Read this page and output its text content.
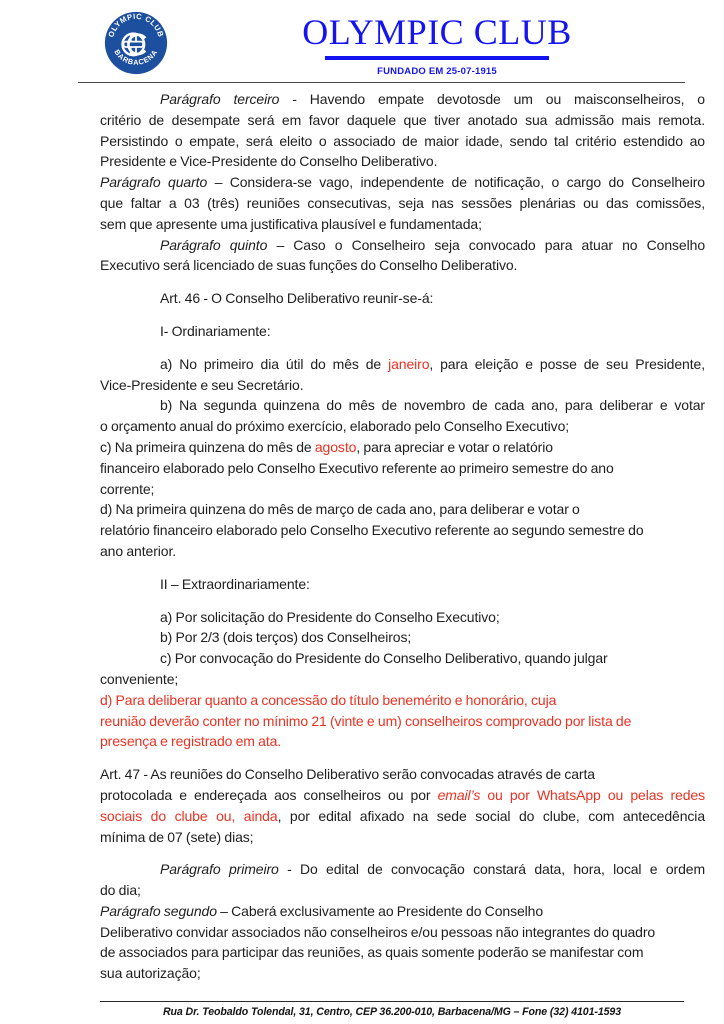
OLYMPIC CLUB
BARBACENA
OLYMPIC CLUB
FUNDADO EM 25-07-1915
Parágrafo terceiro - Havendo empate devotosde um ou maisconselheiros, o
critério de desempate será em favor daquele que tiver anotado sua admissão mais remota.
Persistindo o empate, será eleito o associado de maior idade, sendo tal critério estendido ao
Presidente e Vice-Presidente do Conselho Deliberativo.
Parágrafo quarto – Considera-se vago, independente de notificação, o cargo do Conselheiro
que faltar a 03 (três) reuniões consecutivas, seja nas sessões plenárias ou das comissões,
sem que apresente uma justificativa plausível e fundamentada;
Parágrafo quinto – Caso o Conselheiro seja convocado para atuar no Conselho
Executivo será licenciado de suas funções do Conselho Deliberativo.
Art. 46 - O Conselho Deliberativo reunir-se-á:
I- Ordinariamente:
a) No primeiro dia útil do mês de janeiro, para eleição e posse de seu Presidente,
Vice-Presidente e seu Secretário.
b) Na segunda quinzena do mês de novembro de cada ano, para deliberar e votar
o orçamento anual do próximo exercício, elaborado pelo Conselho Executivo;
c) Na primeira quinzena do mês de agosto, para apreciar e votar o relatório
financeiro elaborado pelo Conselho Executivo referente ao primeiro semestre do ano
corrente;
d) Na primeira quinzena do mês de março de cada ano, para deliberar e votar o
relatório financeiro elaborado pelo Conselho Executivo referente ao segundo semestre do
ano anterior.
II – Extraordinariamente:
a) Por solicitação do Presidente do Conselho Executivo;
b) Por 2/3 (dois terços) dos Conselheiros;
c) Por convocação do Presidente do Conselho Deliberativo, quando julgar
conveniente;
d) Para deliberar quanto a concessão do título benemérito e honorário, cuja
reunião deverão conter no mínimo 21 (vinte e um) conselheiros comprovado por lista de
presença e registrado em ata.
Art. 47 - As reuniões do Conselho Deliberativo serão convocadas através de carta
protocolada e endereçada aos conselheiros ou por email’s ou por WhatsApp ou pelas redes
sociais do clube ou, ainda, por edital afixado na sede social do clube, com antecedência
mínima de 07 (sete) dias;
Parágrafo primeiro - Do edital de convocação constará data, hora, local e ordem
do dia;
Parágrafo segundo – Caberá exclusivamente ao Presidente do Conselho
Deliberativo convidar associados não conselheiros e/ou pessoas não integrantes do quadro
de associados para participar das reuniões, as quais somente poderão se manifestar com
sua autorização;
Rua Dr. Teobaldo Tolendal, 31, Centro, CEP 36.200-010, Barbacena/MG – Fone (32) 4101-1593
